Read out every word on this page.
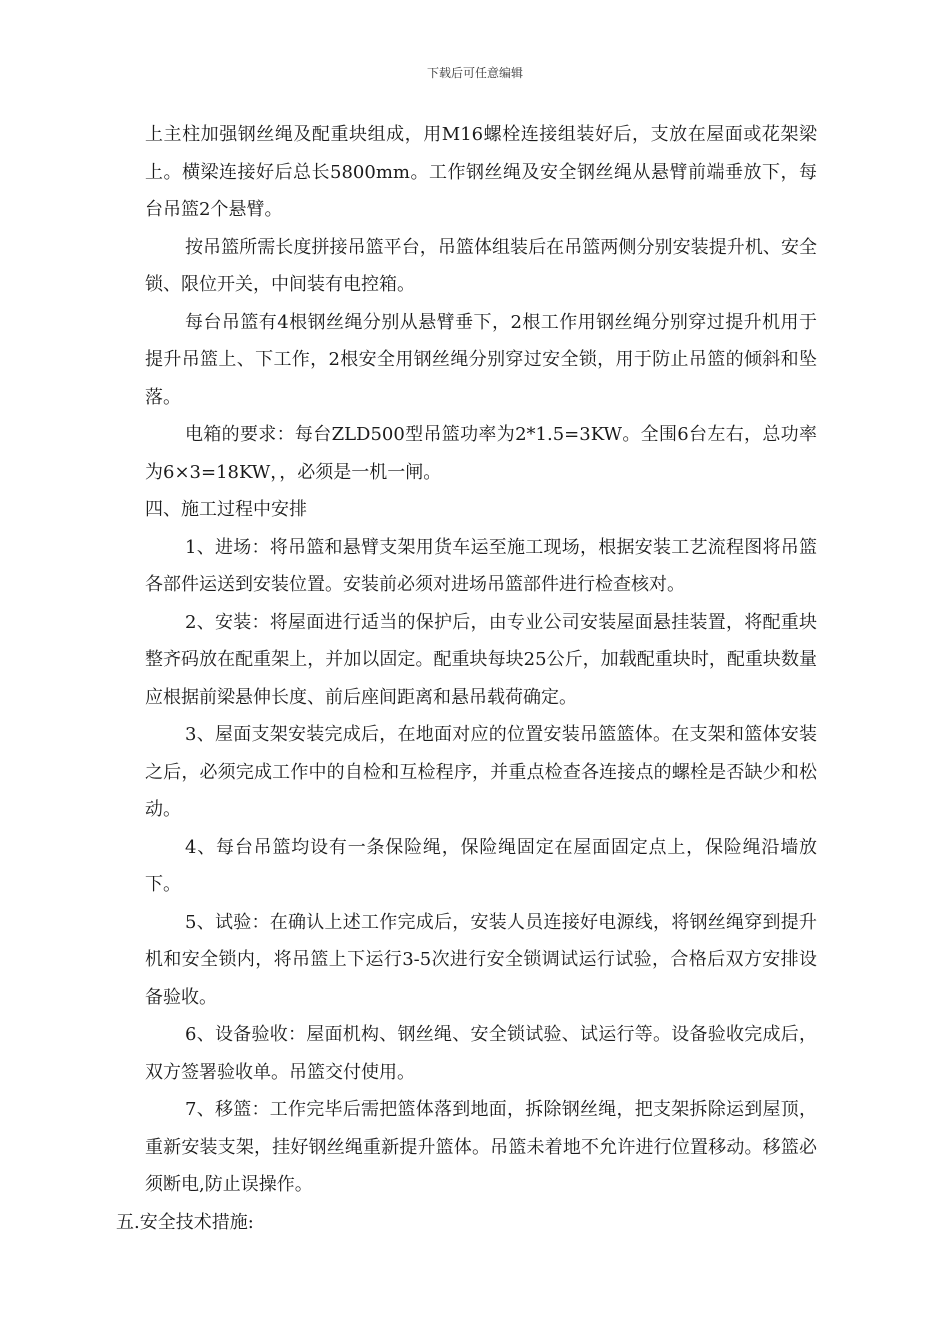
下载后可任意编辑

上主柱加强钢丝绳及配重块组成，用M16螺栓连接组装好后，支放在屋面或花架梁上。横梁连接好后总长5800mm。工作钢丝绳及安全钢丝绳从悬臂前端垂放下，每台吊篮2个悬臂。

按吊篮所需长度拼接吊篮平台，吊篮体组装后在吊篮两侧分别安装提升机、安全锁、限位开关，中间装有电控箱。

每台吊篮有4根钢丝绳分别从悬臂垂下，2根工作用钢丝绳分别穿过提升机用于提升吊篮上、下工作，2根安全用钢丝绳分别穿过安全锁，用于防止吊篮的倾斜和坠落。

电箱的要求：每台ZLD500型吊篮功率为2*1.5=3KW。全围6台左右，总功率为6×3=18KW，，必须是一机一闸。

四、施工过程中安排

1、进场：将吊篮和悬臂支架用货车运至施工现场，根据安装工艺流程图将吊篮各部件运送到安装位置。安装前必须对进场吊篮部件进行检查核对。

2、安装：将屋面进行适当的保护后，由专业公司安装屋面悬挂装置，将配重块整齐码放在配重架上，并加以固定。配重块每块25公斤，加载配重块时，配重块数量应根据前梁悬伸长度、前后座间距离和悬吊载荷确定。

3、屋面支架安装完成后，在地面对应的位置安装吊篮篮体。在支架和篮体安装之后，必须完成工作中的自检和互检程序，并重点检查各连接点的螺栓是否缺少和松动。

4、每台吊篮均设有一条保险绳，保险绳固定在屋面固定点上，保险绳沿墙放下。

5、试验：在确认上述工作完成后，安装人员连接好电源线，将钢丝绳穿到提升机和安全锁内，将吊篮上下运行3-5次进行安全锁调试运行试验，合格后双方安排设备验收。

6、设备验收：屋面机构、钢丝绳、安全锁试验、试运行等。设备验收完成后，双方签署验收单。吊篮交付使用。

7、移篮：工作完毕后需把篮体落到地面，拆除钢丝绳，把支架拆除运到屋顶，重新安装支架，挂好钢丝绳重新提升篮体。吊篮未着地不允许进行位置移动。移篮必须断电,防止误操作。

五.安全技术措施:
